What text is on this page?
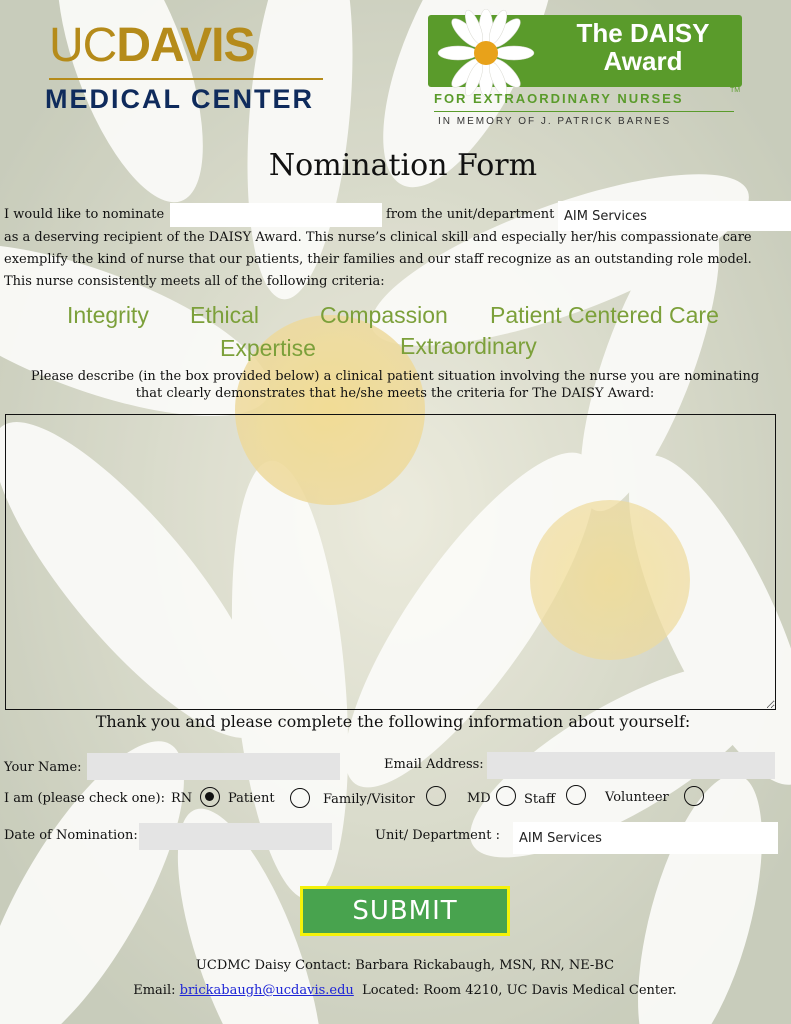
UCDAVIS
MEDICAL CENTER
The DAISY
Award
FOR EXTRAORDINARY NURSES
TM
IN MEMORY OF J. PATRICK BARNES
Nomination Form
I would like to nominate	from the unit/department
AIM Services
as a deserving recipient of the DAISY Award. This nurse’s clinical skill and especially her/his compassionate care
exemplify the kind of nurse that our patients, their families and our staff recognize as an outstanding role model.
This nurse consistently meets all of the following criteria:
Integrity Ethical	Compassion Patient Centered Care
Expertise	Extraordinary
Please describe (in the box provided below) a clinical patient situation involving the nurse you are nominating
that clearly demonstrates that he/she meets the criteria for The DAISY Award:
Thank you and please complete the following information about yourself:
Your Name:	Email Address:
I am (please check one): RN	Patient	Family/Visitor	MD	Staff	Volunteer
Date of Nomination:	Unit/ Department :
AIM Services
SUBMIT
UCDMC Daisy Contact: Barbara Rickabaugh, MSN, RN, NE-BC
Email: brickabaugh@ucdavis.edu Located: Room 4210, UC Davis Medical Center.
